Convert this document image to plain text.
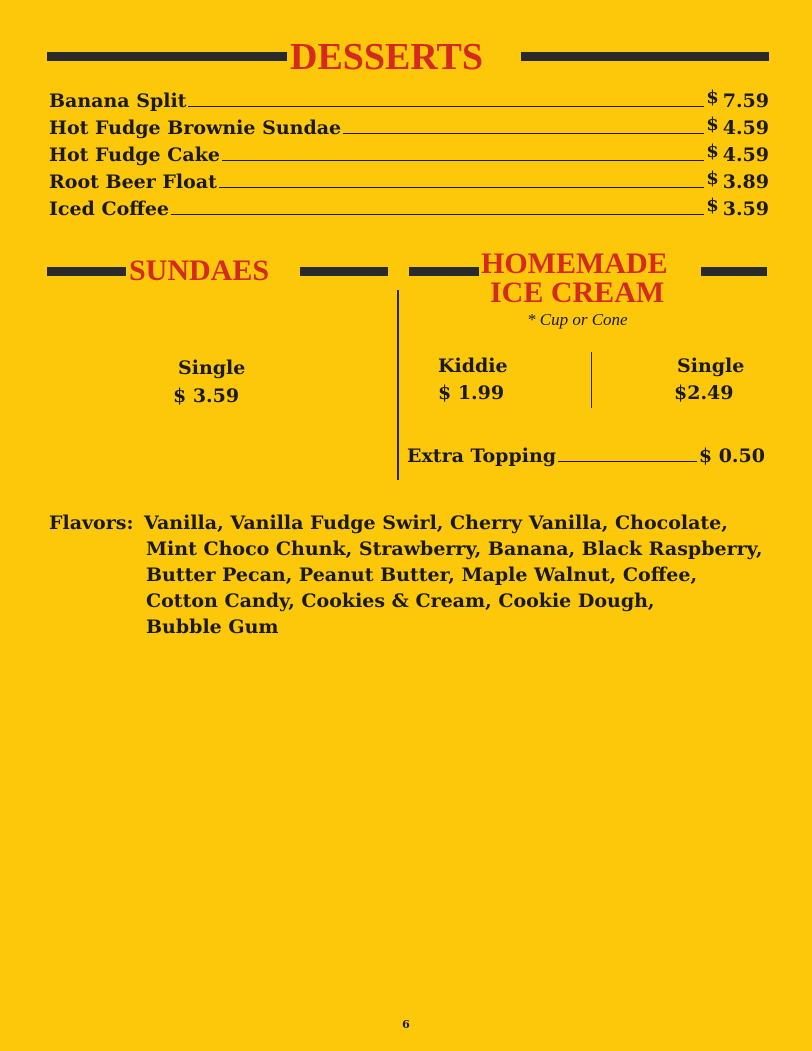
DESSERTS
Banana Split	$ 7.59
Hot Fudge Brownie Sundae	$ 4.59
Hot Fudge Cake	$ 4.59
Root Beer Float	$ 3.89
Iced Coffee	$ 3.59
SUNDAES
Single
$ 3.59
HOMEMADE
ICE CREAM
* Cup or Cone
Kiddie
$ 1.99
Single
$2.49
Extra Topping	$ 0.50
Flavors: Vanilla, Vanilla Fudge Swirl, Cherry Vanilla, Chocolate,
Mint Choco Chunk, Strawberry, Banana, Black Raspberry,
Butter Pecan, Peanut Butter, Maple Walnut, Coffee,
Cotton Candy, Cookies & Cream, Cookie Dough,
Bubble Gum
6
